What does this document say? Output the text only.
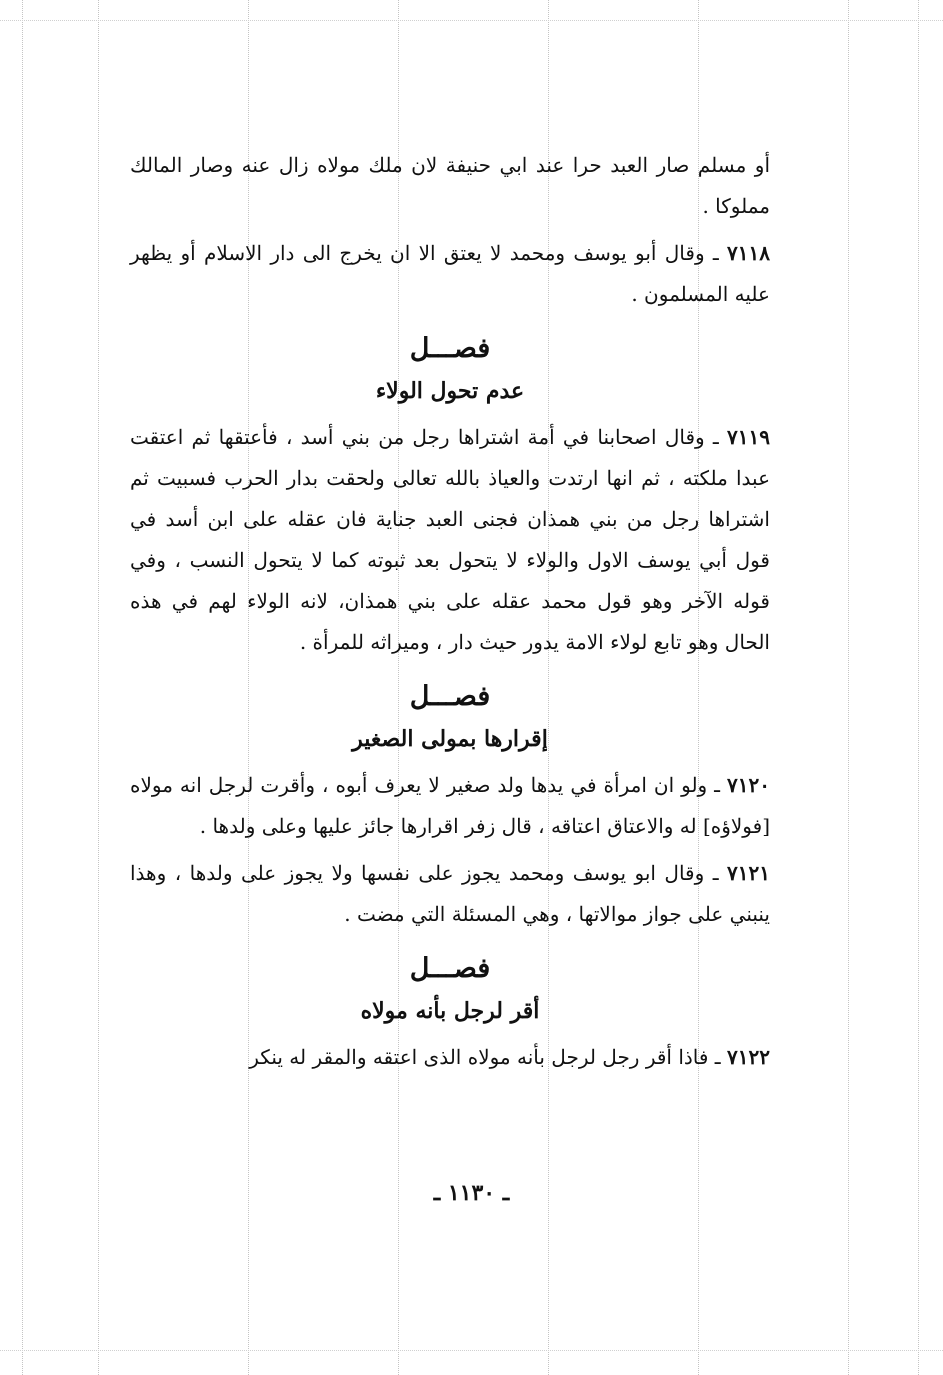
أو مسلم صار العبد حرا عند ابي حنيفة لان ملك مولاه زال عنه وصار المالك مملوكا .

٧١١٨ ـ وقال أبو يوسف ومحمد لا يعتق الا ان يخرج الى دار الاسلام أو يظهر عليه المسلمون .

فصـــل
عدم تحول الولاء

٧١١٩ ـ وقال اصحابنا في أمة اشتراها رجل من بني أسد ، فأعتقها ثم اعتقت عبدا ملكته ، ثم انها ارتدت والعياذ بالله تعالى ولحقت بدار الحرب فسبيت ثم اشتراها رجل من بني همذان فجنى العبد جناية فان عقله على ابن أسد في قول أبي يوسف الاول والولاء لا يتحول بعد ثبوته كما لا يتحول النسب ، وفي قوله الآخر وهو قول محمد عقله على بني همذان، لانه الولاء لهم في هذه الحال وهو تابع لولاء الامة يدور حيث دار ، وميراثه للمرأة .

فصـــل
إقرارها بمولى الصغير

٧١٢٠ ـ ولو ان امرأة في يدها ولد صغير لا يعرف أبوه ، وأقرت لرجل انه مولاه [فولاؤه] له والاعتاق اعتاقه ، قال زفر اقرارها جائز عليها وعلى ولدها .

٧١٢١ ـ وقال ابو يوسف ومحمد يجوز على نفسها ولا يجوز على ولدها ، وهذا ينبني على جواز موالاتها ، وهي المسئلة التي مضت .

فصـــل
أقر لرجل بأنه مولاه

٧١٢٢ ـ فاذا أقر رجل لرجل بأنه مولاه الذى اعتقه والمقر له ينكر

ـ ١١٣٠ ـ
